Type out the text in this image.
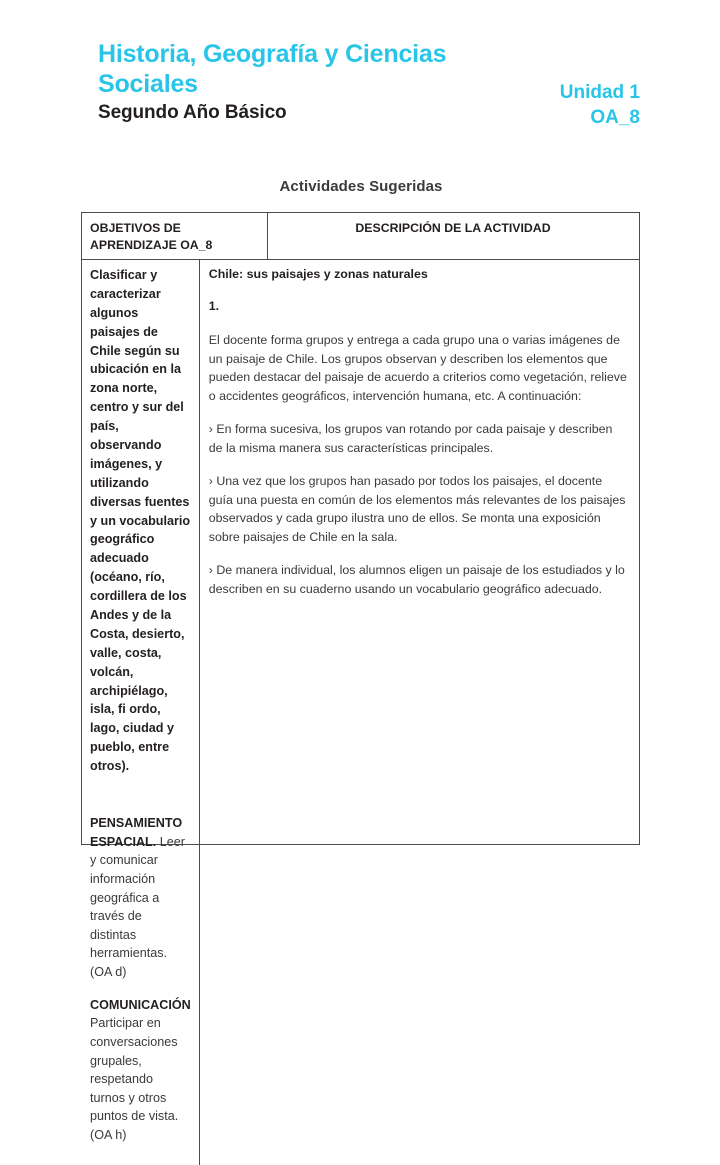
Historia, Geografía y Ciencias Sociales
Segundo Año Básico
Unidad 1
OA_8
Actividades Sugeridas
OBJETIVOS DE APRENDIZAJE OA_8
DESCRIPCIÓN DE LA ACTIVIDAD

Clasificar y caracterizar algunos paisajes de Chile según su ubicación en la zona norte, centro y sur del país, observando imágenes, y utilizando diversas fuentes y un vocabulario geográfico adecuado (océano, río, cordillera de los Andes y de la Costa, desierto, valle, costa, volcán, archipiélago, isla, fi ordo, lago, ciudad y pueblo, entre otros).

PENSAMIENTO ESPACIAL. Leer y comunicar información geográfica a través de distintas herramientas. (OA d)

COMUNICACIÓN Participar en conversaciones grupales, respetando turnos y otros puntos de vista. (OA h)

Chile: sus paisajes y zonas naturales

1.

El docente forma grupos y entrega a cada grupo una o varias imágenes de un paisaje de Chile. Los grupos observan y describen los elementos que pueden destacar del paisaje de acuerdo a criterios como vegetación, relieve o accidentes geográficos, intervención humana, etc. A continuación:

› En forma sucesiva, los grupos van rotando por cada paisaje y describen de la misma manera sus características principales.

› Una vez que los grupos han pasado por todos los paisajes, el docente guía una puesta en común de los elementos más relevantes de los paisajes observados y cada grupo ilustra uno de ellos. Se monta una exposición sobre paisajes de Chile en la sala.

› De manera individual, los alumnos eligen un paisaje de los estudiados y lo describen en su cuaderno usando un vocabulario geográfico adecuado.
